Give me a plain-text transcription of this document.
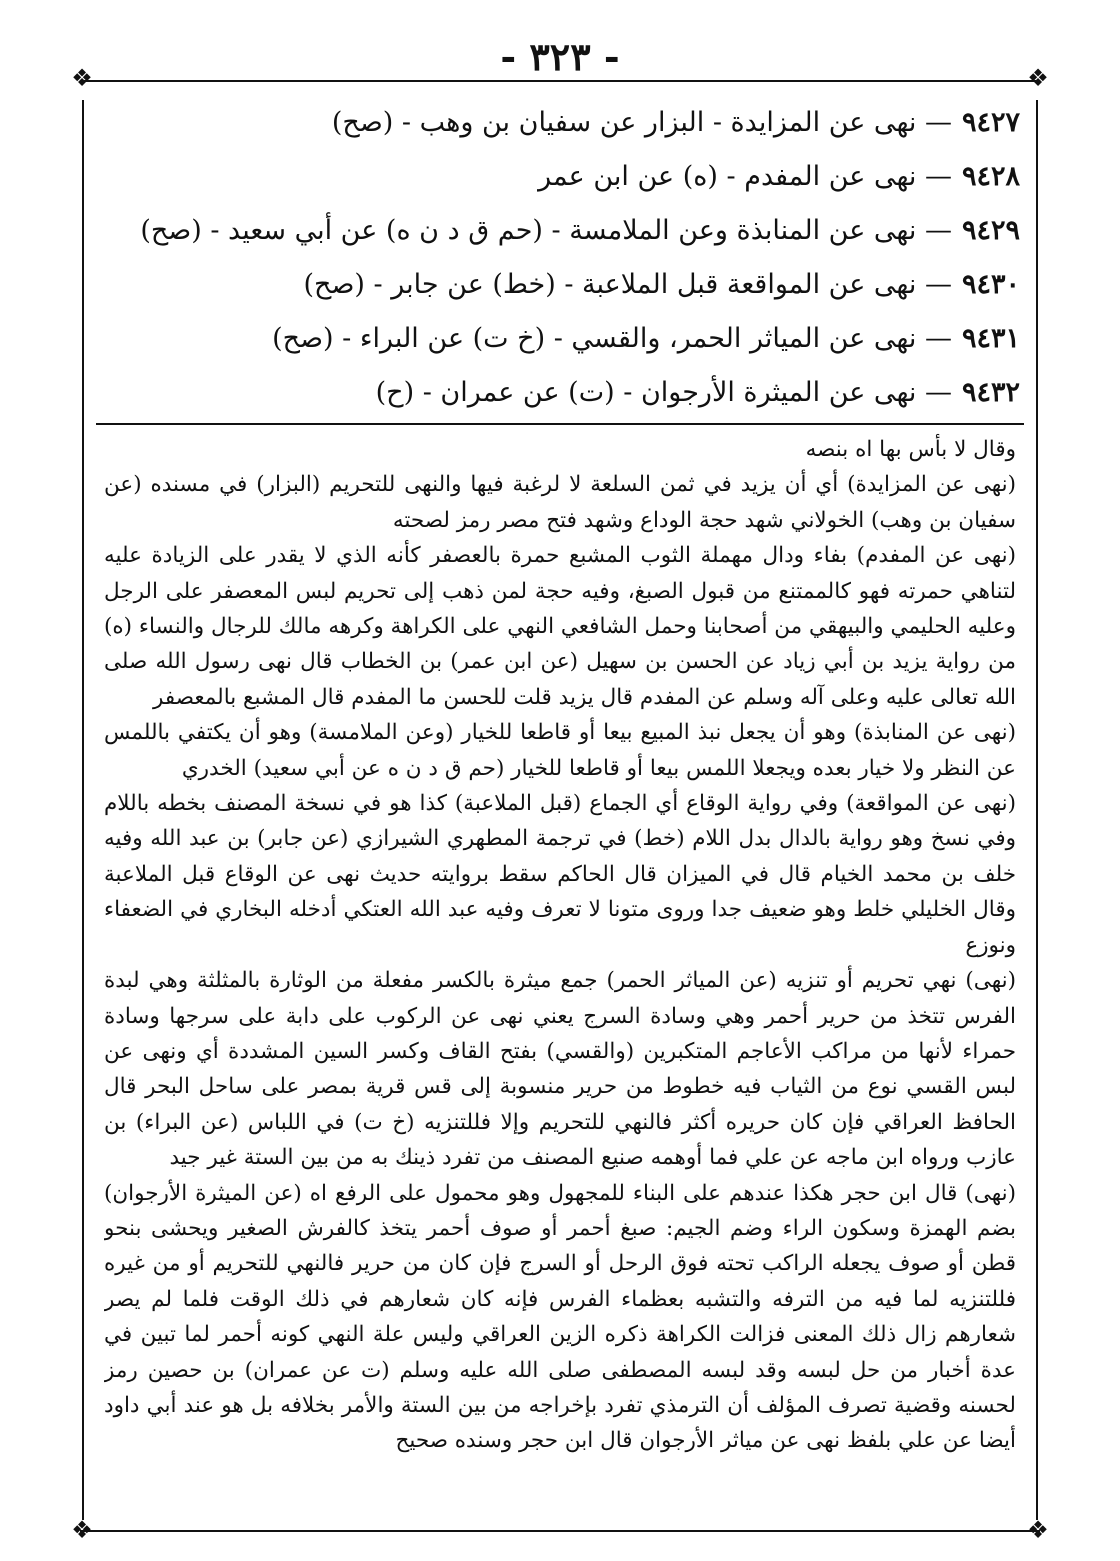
- ٣٢٣ -
❖	❖
❖	❖
٩٤٢٧— نهى عن المزايدة - البزار عن سفيان بن وهب - (صح)
٩٤٢٨— نهى عن المفدم - (ه) عن ابن عمر
٩٤٢٩— نهى عن المنابذة وعن الملامسة - (حم ق د ن ه) عن أبي سعيد - (صح)
٩٤٣٠— نهى عن المواقعة قبل الملاعبة - (خط) عن جابر - (صح)
٩٤٣١— نهى عن المياثر الحمر، والقسي - (خ ت) عن البراء - (صح)
٩٤٣٢— نهى عن الميثرة الأرجوان - (ت) عن عمران - (ح)

وقال لا بأس بها اه بنصه

(نهى عن المزايدة) أي أن يزيد في ثمن السلعة لا لرغبة فيها والنهى للتحريم (البزار) في مسنده (عن سفيان بن وهب) الخولاني شهد حجة الوداع وشهد فتح مصر رمز لصحته

(نهى عن المفدم) بفاء ودال مهملة الثوب المشبع حمرة بالعصفر كأنه الذي لا يقدر على الزيادة عليه لتناهي حمرته فهو كالممتنع من قبول الصبغ، وفيه حجة لمن ذهب إلى تحريم لبس المعصفر على الرجل وعليه الحليمي والبيهقي من أصحابنا وحمل الشافعي النهي على الكراهة وكرهه مالك للرجال والنساء (ه) من رواية يزيد بن أبي زياد عن الحسن بن سهيل (عن ابن عمر) بن الخطاب قال نهى رسول الله صلى الله تعالى عليه وعلى آله وسلم عن المفدم قال يزيد قلت للحسن ما المفدم قال المشبع بالمعصفر

(نهى عن المنابذة) وهو أن يجعل نبذ المبيع بيعا أو قاطعا للخيار (وعن الملامسة) وهو أن يكتفي باللمس عن النظر ولا خيار بعده ويجعلا اللمس بيعا أو قاطعا للخيار (حم ق د ن ه عن أبي سعيد) الخدري

(نهى عن المواقعة) وفي رواية الوقاع أي الجماع (قبل الملاعبة) كذا هو في نسخة المصنف بخطه باللام وفي نسخ وهو رواية بالدال بدل اللام (خط) في ترجمة المطهري الشيرازي (عن جابر) بن عبد الله وفيه خلف بن محمد الخيام قال في الميزان قال الحاكم سقط بروايته حديث نهى عن الوقاع قبل الملاعبة وقال الخليلي خلط وهو ضعيف جدا وروى متونا لا تعرف وفيه عبد الله العتكي أدخله البخاري في الضعفاء ونوزع

(نهى) نهي تحريم أو تنزيه (عن المياثر الحمر) جمع ميثرة بالكسر مفعلة من الوثارة بالمثلثة وهي لبدة الفرس تتخذ من حرير أحمر وهي وسادة السرج يعني نهى عن الركوب على دابة على سرجها وسادة حمراء لأنها من مراكب الأعاجم المتكبرين (والقسي) بفتح القاف وكسر السين المشددة أي ونهى عن لبس القسي نوع من الثياب فيه خطوط من حرير منسوبة إلى قس قرية بمصر على ساحل البحر قال الحافظ العراقي فإن كان حريره أكثر فالنهي للتحريم وإلا فللتنزيه (خ ت) في اللباس (عن البراء) بن عازب ورواه ابن ماجه عن علي فما أوهمه صنيع المصنف من تفرد ذينك به من بين الستة غير جيد

(نهى) قال ابن حجر هكذا عندهم على البناء للمجهول وهو محمول على الرفع اه (عن الميثرة الأرجوان) بضم الهمزة وسكون الراء وضم الجيم: صبغ أحمر أو صوف أحمر يتخذ كالفرش الصغير ويحشى بنحو قطن أو صوف يجعله الراكب تحته فوق الرحل أو السرج فإن كان من حرير فالنهي للتحريم أو من غيره فللتنزيه لما فيه من الترفه والتشبه بعظماء الفرس فإنه كان شعارهم في ذلك الوقت فلما لم يصر شعارهم زال ذلك المعنى فزالت الكراهة ذكره الزين العراقي وليس علة النهي كونه أحمر لما تبين في عدة أخبار من حل لبسه وقد لبسه المصطفى صلى الله عليه وسلم (ت عن عمران) بن حصين رمز لحسنه وقضية تصرف المؤلف أن الترمذي تفرد بإخراجه من بين الستة والأمر بخلافه بل هو عند أبي داود أيضا عن علي بلفظ نهى عن مياثر الأرجوان قال ابن حجر وسنده صحيح
